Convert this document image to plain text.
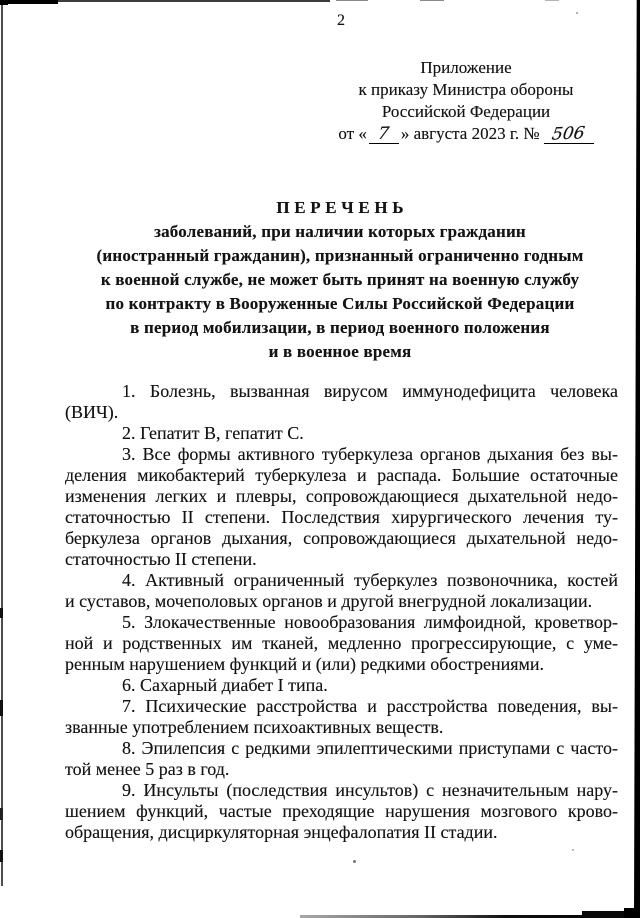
2
Приложение
к приказу Министра обороны
Российской Федерации
от « 7 » августа 2023 г. № 506
П Е Р Е Ч Е Н Ь
заболеваний, при наличии которых гражданин
(иностранный гражданин), признанный ограниченно годным
к военной службе, не может быть принят на военную службу
по контракту в Вооруженные Силы Российской Федерации
в период мобилизации, в период военного положения
и в военное время
1. Болезнь, вызванная вирусом иммунодефицита человека
(ВИЧ).
2. Гепатит В, гепатит С.
3. Все формы активного туберкулеза органов дыхания без вы-
деления микобактерий туберкулеза и распада. Большие остаточные
изменения легких и плевры, сопровождающиеся дыхательной недо-
статочностью II степени. Последствия хирургического лечения ту-
беркулеза органов дыхания, сопровождающиеся дыхательной недо-
статочностью II степени.
4. Активный ограниченный туберкулез позвоночника, костей
и суставов, мочеполовых органов и другой внегрудной локализации.
5. Злокачественные новообразования лимфоидной, кроветвор-
ной и родственных им тканей, медленно прогрессирующие, с уме-
ренным нарушением функций и (или) редкими обострениями.
6. Сахарный диабет I типа.
7. Психические расстройства и расстройства поведения, вы-
званные употреблением психоактивных веществ.
8. Эпилепсия с редкими эпилептическими приступами с часто-
той менее 5 раз в год.
9. Инсульты (последствия инсультов) с незначительным нару-
шением функций, частые преходящие нарушения мозгового крово-
обращения, дисциркуляторная энцефалопатия II стадии.
